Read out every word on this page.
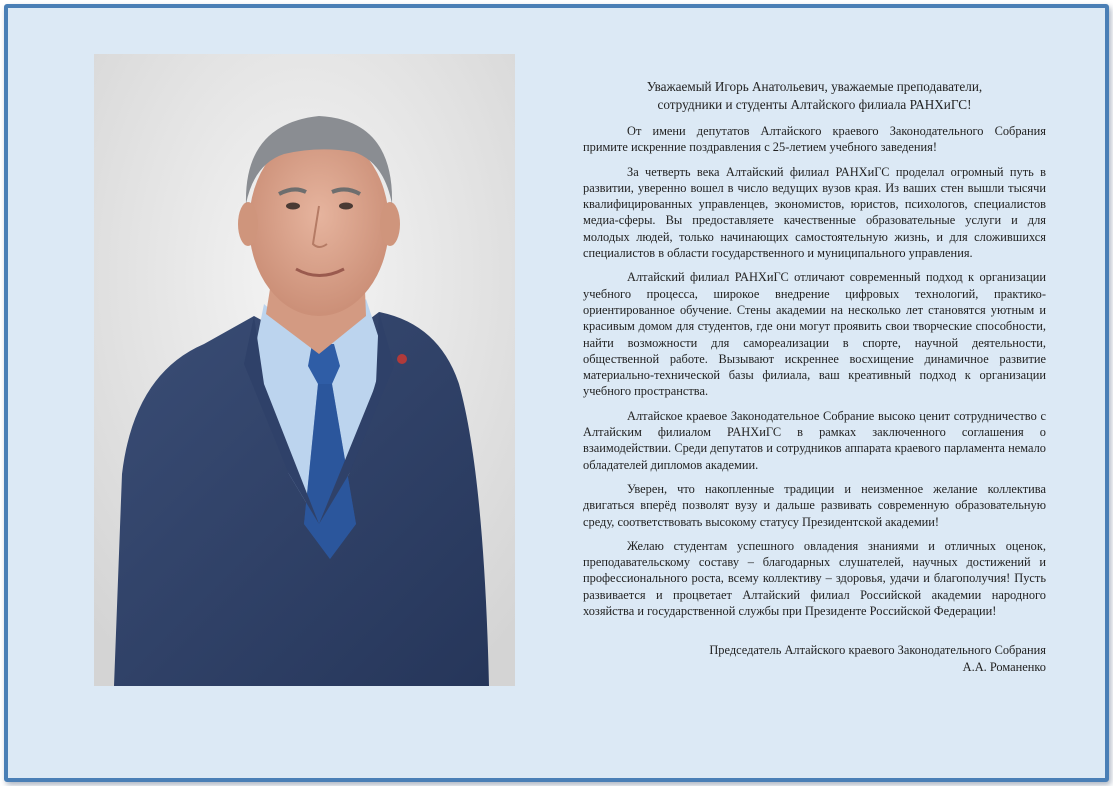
Уважаемый Игорь Анатольевич, уважаемые преподаватели,
сотрудники и студенты Алтайского филиала РАНХиГС!

От имени депутатов Алтайского краевого Законодательного Собрания примите искренние поздравления с 25-летием учебного заведения!

За четверть века Алтайский филиал РАНХиГС проделал огромный путь в развитии, уверенно вошел в число ведущих вузов края. Из ваших стен вышли тысячи квалифицированных управленцев, экономистов, юристов, психологов, специалистов медиа-сферы. Вы предоставляете качественные образовательные услуги и для молодых людей, только начинающих самостоятельную жизнь, и для сложившихся специалистов в области государственного и муниципального управления.

Алтайский филиал РАНХиГС отличают современный подход к организации учебного процесса, широкое внедрение цифровых технологий, практико-ориентированное обучение. Стены академии на несколько лет становятся уютным и красивым домом для студентов, где они могут проявить свои творческие способности, найти возможности для самореализации в спорте, научной деятельности, общественной работе. Вызывают искреннее восхищение динамичное развитие материально-технической базы филиала, ваш креативный подход к организации учебного пространства.

Алтайское краевое Законодательное Собрание высоко ценит сотрудничество с Алтайским филиалом РАНХиГС в рамках заключенного соглашения о взаимодействии. Среди депутатов и сотрудников аппарата краевого парламента немало обладателей дипломов академии.

Уверен, что накопленные традиции и неизменное желание коллектива двигаться вперёд позволят вузу и дальше развивать современную образовательную среду, соответствовать высокому статусу Президентской академии!

Желаю студентам успешного овладения знаниями и отличных оценок, преподавательскому составу – благодарных слушателей, научных достижений и профессионального роста, всему коллективу – здоровья, удачи и благополучия! Пусть развивается и процветает Алтайский филиал Российской академии народного хозяйства и государственной службы при Президенте Российской Федерации!

Председатель Алтайского краевого Законодательного Собрания
А.А. Романенко
